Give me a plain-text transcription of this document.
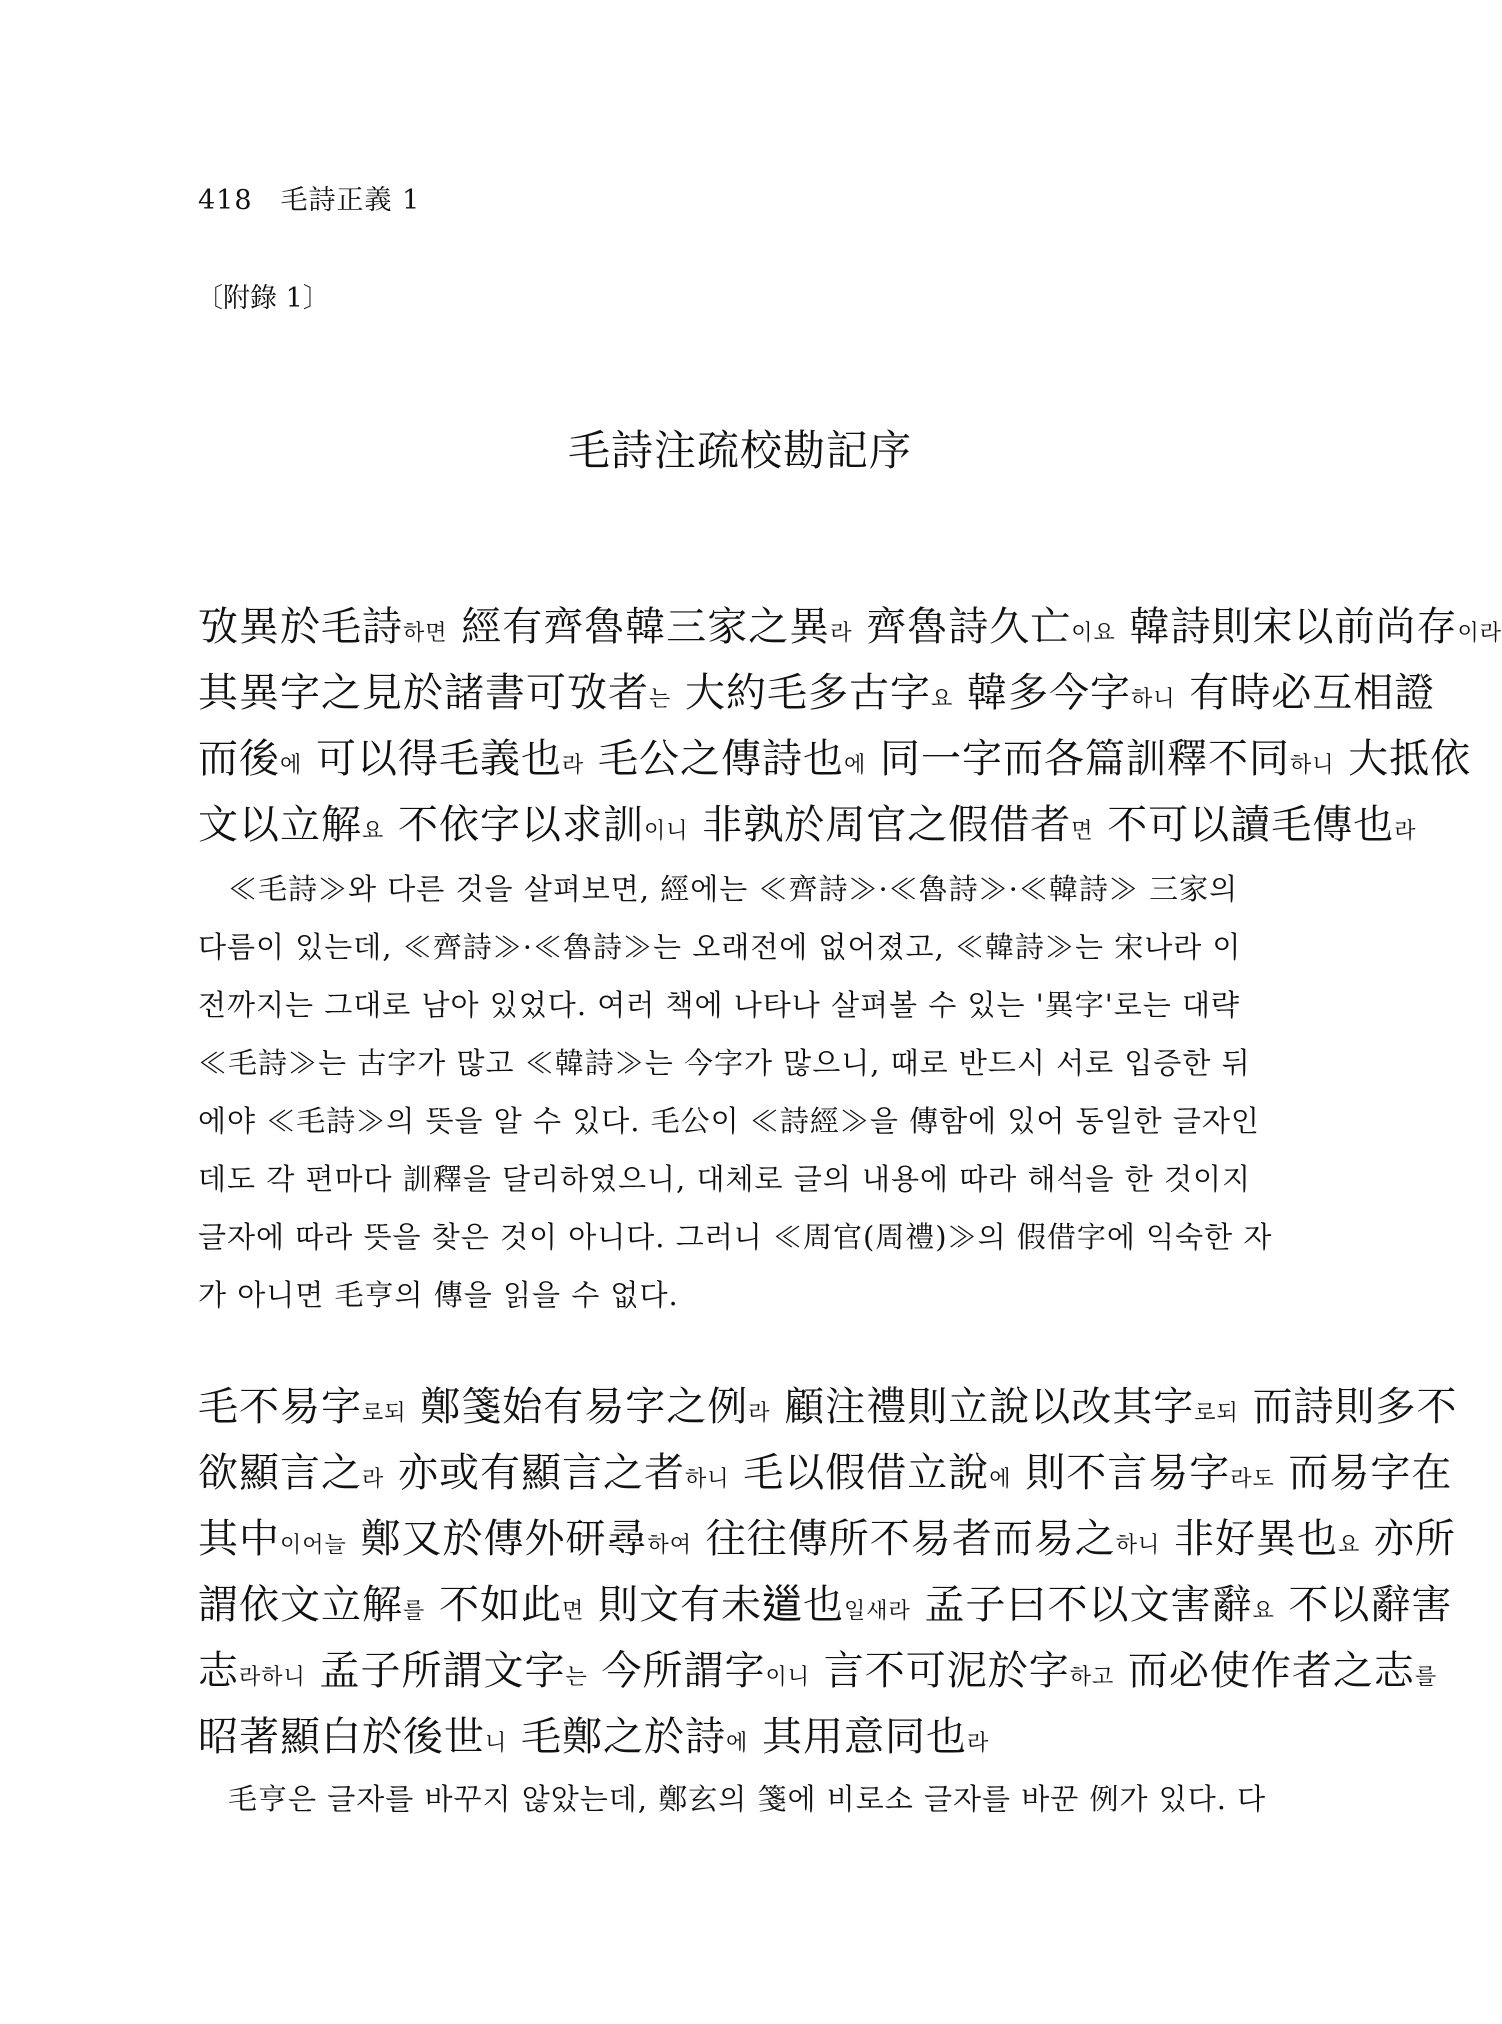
418　毛詩正義 1
〔附錄 1〕
毛詩注疏校勘記序
攷異於毛詩하면 經有齊魯韓三家之異라 齊魯詩久亡이요 韓詩則宋以前尚存이라
其異字之見於諸書可攷者는 大約毛多古字요 韓多今字하니 有時必互相證
而後에 可以得毛義也라 毛公之傳詩也에 同一字而各篇訓釋不同하니 大抵依
文以立解요 不依字以求訓이니 非孰於周官之假借者면 不可以讀毛傳也라
≪毛詩≫와 다른 것을 살펴보면, 經에는 ≪齊詩≫·≪魯詩≫·≪韓詩≫ 三家의
다름이 있는데, ≪齊詩≫·≪魯詩≫는 오래전에 없어졌고, ≪韓詩≫는 宋나라 이
전까지는 그대로 남아 있었다. 여러 책에 나타나 살펴볼 수 있는 '異字'로는 대략
≪毛詩≫는 古字가 많고 ≪韓詩≫는 今字가 많으니, 때로 반드시 서로 입증한 뒤
에야 ≪毛詩≫의 뜻을 알 수 있다. 毛公이 ≪詩經≫을 傳함에 있어 동일한 글자인
데도 각 편마다 訓釋을 달리하였으니, 대체로 글의 내용에 따라 해석을 한 것이지
글자에 따라 뜻을 찾은 것이 아니다. 그러니 ≪周官(周禮)≫의 假借字에 익숙한 자
가 아니면 毛亨의 傳을 읽을 수 없다.
毛不易字로되 鄭箋始有易字之例라 顧注禮則立說以改其字로되 而詩則多不
欲顯言之라 亦或有顯言之者하니 毛以假借立說에 則不言易字라도 而易字在
其中이어늘 鄭又於傳外研尋하여 往往傳所不易者而易之하니 非好異也요 亦所
謂依文立解를 不如此면 則文有未𨕥也일새라 孟子曰不以文害辭요 不以辭害
志라하니 孟子所謂文字는 今所謂字이니 言不可泥於字하고 而必使作者之志를
昭著顯白於後世니 毛鄭之於詩에 其用意同也라
毛亨은 글자를 바꾸지 않았는데, 鄭玄의 箋에 비로소 글자를 바꾼 例가 있다. 다
